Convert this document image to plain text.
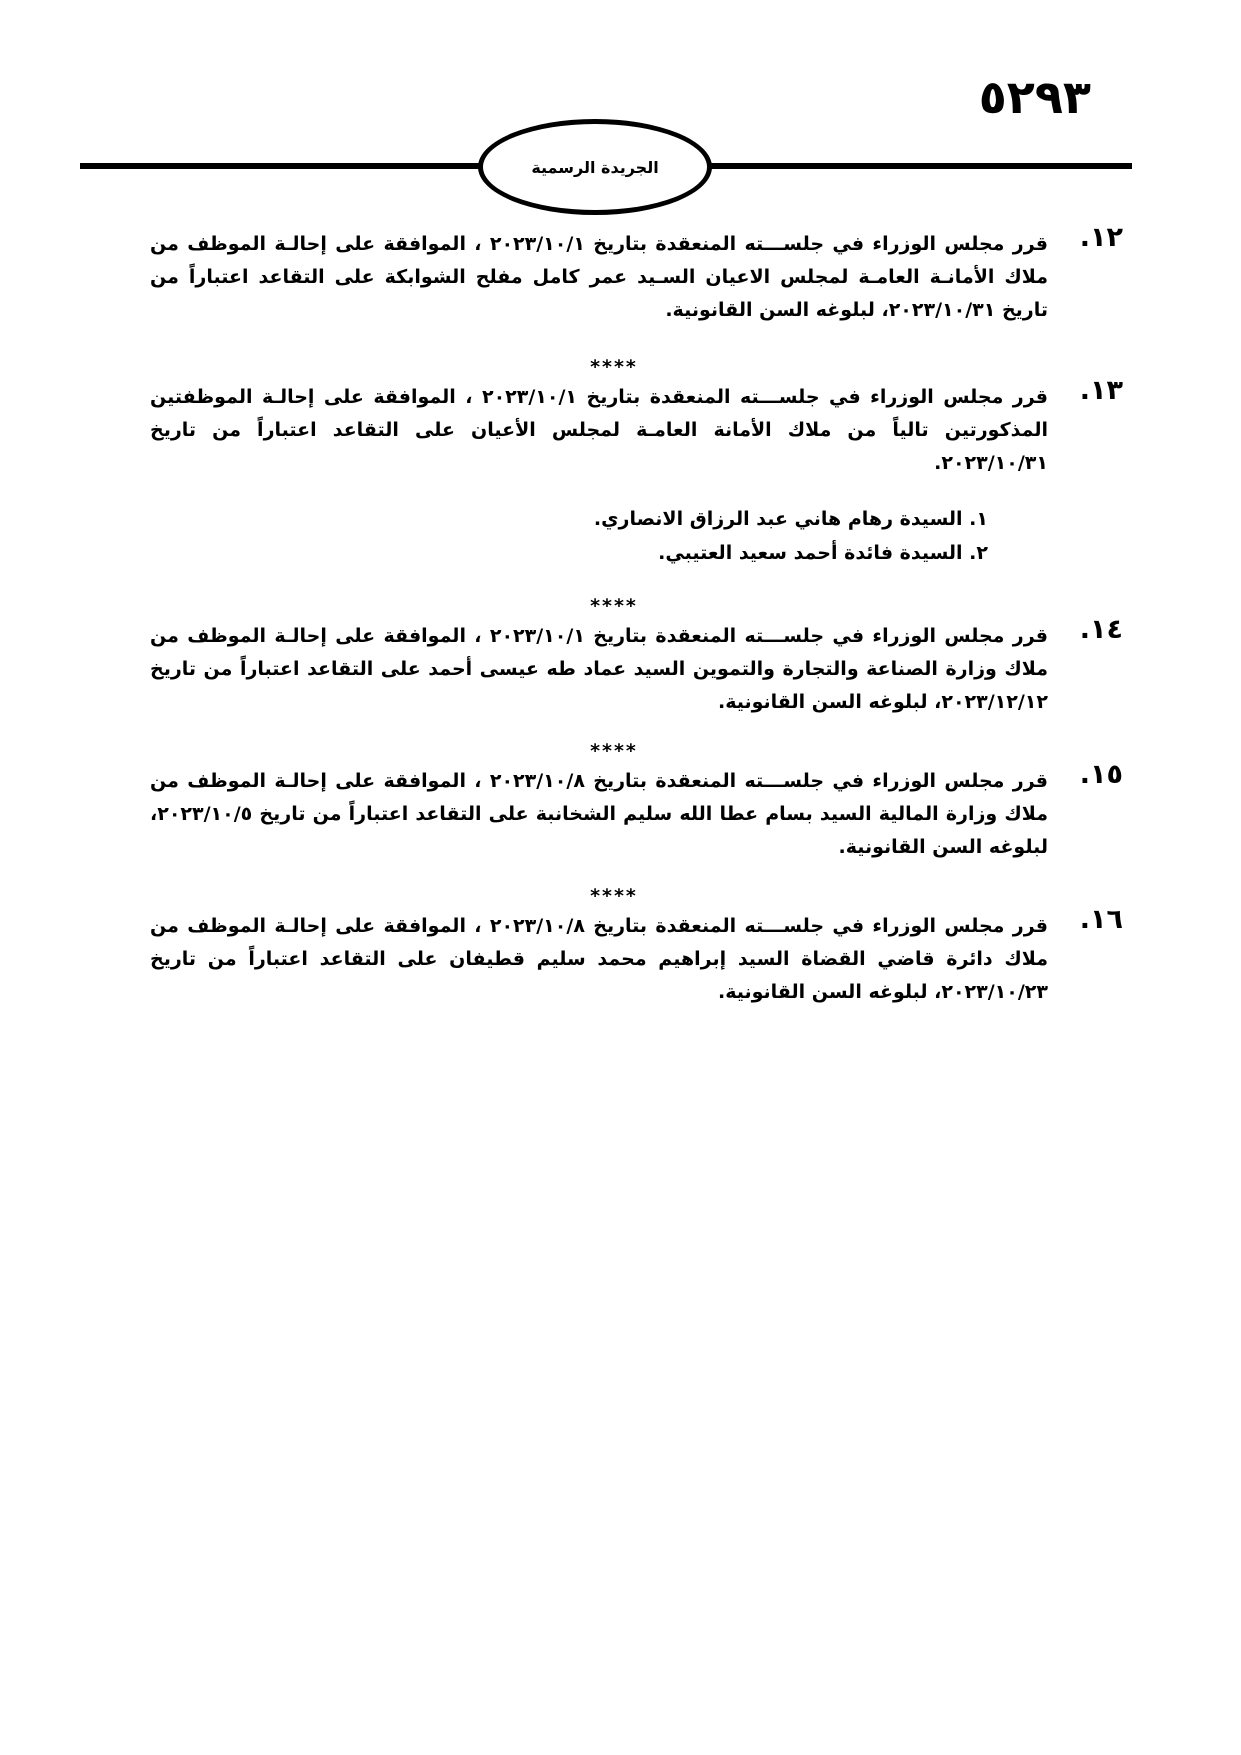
٥٢٩٣
الجريدة الرسمية
١٢.

قرر مجلس الوزراء في جلســـته المنعقدة بتاريخ ٢٠٢٣/١٠/١ ، الموافقة على إحالـة الموظف من ملاك الأمانـة العامـة لمجلس الاعيان السـيد عمر كامل مفلح الشوابكة على التقاعد اعتباراً من تاريخ ٢٠٢٣/١٠/٣١، لبلوغه السن القانونية.

****
١٣.

قرر مجلس الوزراء في جلســـته المنعقدة بتاريخ ٢٠٢٣/١٠/١ ، الموافقة على إحالـة الموظفتين المذكورتين تالياً من ملاك الأمانة العامـة لمجلس الأعيان على التقاعد اعتباراً من تاريخ ٢٠٢٣/١٠/٣١.

١. السيدة رهام هاني عبد الرزاق الانصاري.
٢. السيدة فائدة أحمد سعيد العتيبي.
****
١٤.

قرر مجلس الوزراء في جلســـته المنعقدة بتاريخ ٢٠٢٣/١٠/١ ، الموافقة على إحالـة الموظف من ملاك وزارة الصناعة والتجارة والتموين السيد عماد طه عيسى أحمد على التقاعد اعتباراً من تاريخ ٢٠٢٣/١٢/١٢، لبلوغه السن القانونية.

****
١٥.

قرر مجلس الوزراء في جلســـته المنعقدة بتاريخ ٢٠٢٣/١٠/٨ ، الموافقة على إحالـة الموظف من ملاك وزارة المالية السيد بسام عطا الله سليم الشخانبة على التقاعد اعتباراً من تاريخ ٢٠٢٣/١٠/٥، لبلوغه السن القانونية.

****
١٦.

قرر مجلس الوزراء في جلســـته المنعقدة بتاريخ ٢٠٢٣/١٠/٨ ، الموافقة على إحالـة الموظف من ملاك دائرة قاضي القضاة السيد إبراهيم محمد سليم قطيفان على التقاعد اعتباراً من تاريخ ٢٠٢٣/١٠/٢٣، لبلوغه السن القانونية.
